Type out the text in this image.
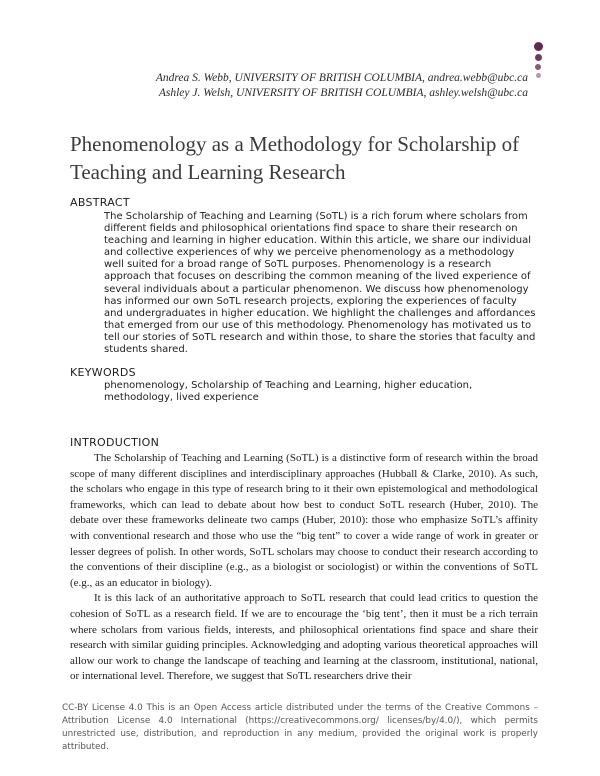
Andrea S. Webb, UNIVERSITY OF BRITISH COLUMBIA, andrea.webb@ubc.ca
Ashley J. Welsh, UNIVERSITY OF BRITISH COLUMBIA, ashley.welsh@ubc.ca
Phenomenology as a Methodology for Scholarship of Teaching and Learning Research
ABSTRACT

The Scholarship of Teaching and Learning (SoTL) is a rich forum where scholars from different fields and philosophical orientations find space to share their research on teaching and learning in higher education. Within this article, we share our individual and collective experiences of why we perceive phenomenology as a methodology well suited for a broad range of SoTL purposes. Phenomenology is a research approach that focuses on describing the common meaning of the lived experience of several individuals about a particular phenomenon. We discuss how phenomenology has informed our own SoTL research projects, exploring the experiences of faculty and undergraduates in higher education. We highlight the challenges and affordances that emerged from our use of this methodology. Phenomenology has motivated us to tell our stories of SoTL research and within those, to share the stories that faculty and students shared.

KEYWORDS

phenomenology, Scholarship of Teaching and Learning, higher education, methodology, lived experience

INTRODUCTION

The Scholarship of Teaching and Learning (SoTL) is a distinctive form of research within the broad scope of many different disciplines and interdisciplinary approaches (Hubball & Clarke, 2010). As such, the scholars who engage in this type of research bring to it their own epistemological and methodological frameworks, which can lead to debate about how best to conduct SoTL research (Huber, 2010). The debate over these frameworks delineate two camps (Huber, 2010): those who emphasize SoTL’s affinity with conventional research and those who use the “big tent” to cover a wide range of work in greater or lesser degrees of polish. In other words, SoTL scholars may choose to conduct their research according to the conventions of their discipline (e.g., as a biologist or sociologist) or within the conventions of SoTL (e.g., as an educator in biology).

It is this lack of an authoritative approach to SoTL research that could lead critics to question the cohesion of SoTL as a research field. If we are to encourage the ‘big tent’, then it must be a rich terrain where scholars from various fields, interests, and philosophical orientations find space and share their research with similar guiding principles. Acknowledging and adopting various theoretical approaches will allow our work to change the landscape of teaching and learning at the classroom, institutional, national, or international level. Therefore, we suggest that SoTL researchers drive their

CC-BY License 4.0 This is an Open Access article distributed under the terms of the Creative Commons – Attribution License 4.0 International (https://creativecommons.org/ licenses/by/4.0/), which permits unrestricted use, distribution, and reproduction in any medium, provided the original work is properly attributed.
